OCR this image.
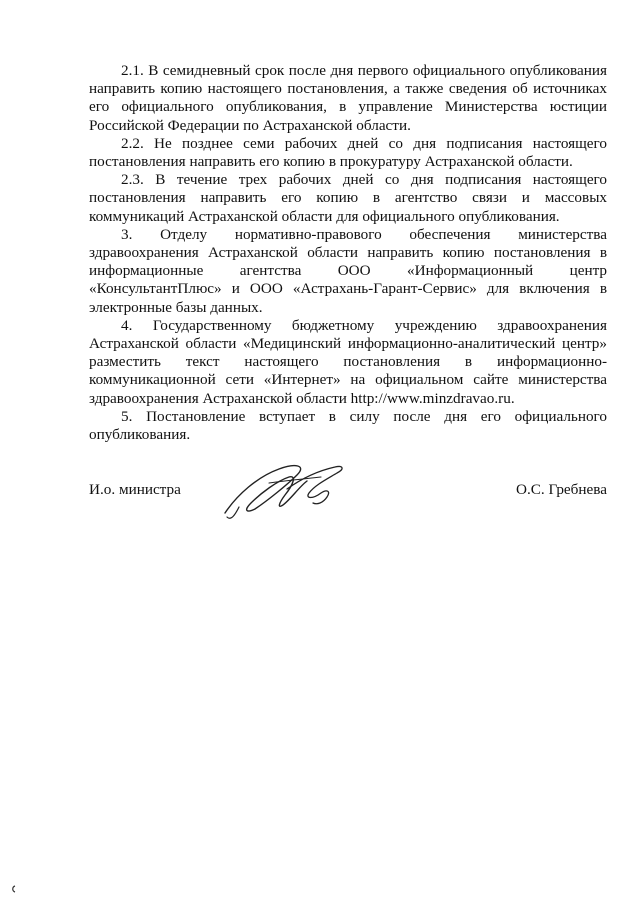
2.1. В семидневный срок после дня первого официального опубликования направить копию настоящего постановления, а также сведения об источниках его официального опубликования, в управление Министерства юстиции Российской Федерации по Астраханской области.

2.2. Не позднее семи рабочих дней со дня подписания настоящего постановления направить его копию в прокуратуру Астраханской области.

2.3. В течение трех рабочих дней со дня подписания настоящего постановления направить его копию в агентство связи и массовых коммуникаций Астраханской области для официального опубликования.

3. Отделу нормативно-правового обеспечения министерства здравоохранения Астраханской области направить копию постановления в информационные агентства ООО «Информационный центр «КонсультантПлюс» и ООО «Астрахань-Гарант-Сервис» для включения в электронные базы данных.

4. Государственному бюджетному учреждению здравоохранения Астраханской области «Медицинский информационно-аналитический центр» разместить текст настоящего постановления в информационно-коммуникационной сети «Интернет» на официальном сайте министерства здравоохранения Астраханской области http://www.minzdravao.ru.

5. Постановление вступает в силу после дня его официального опубликования.

И.о. министра	О.С. Гребнева
